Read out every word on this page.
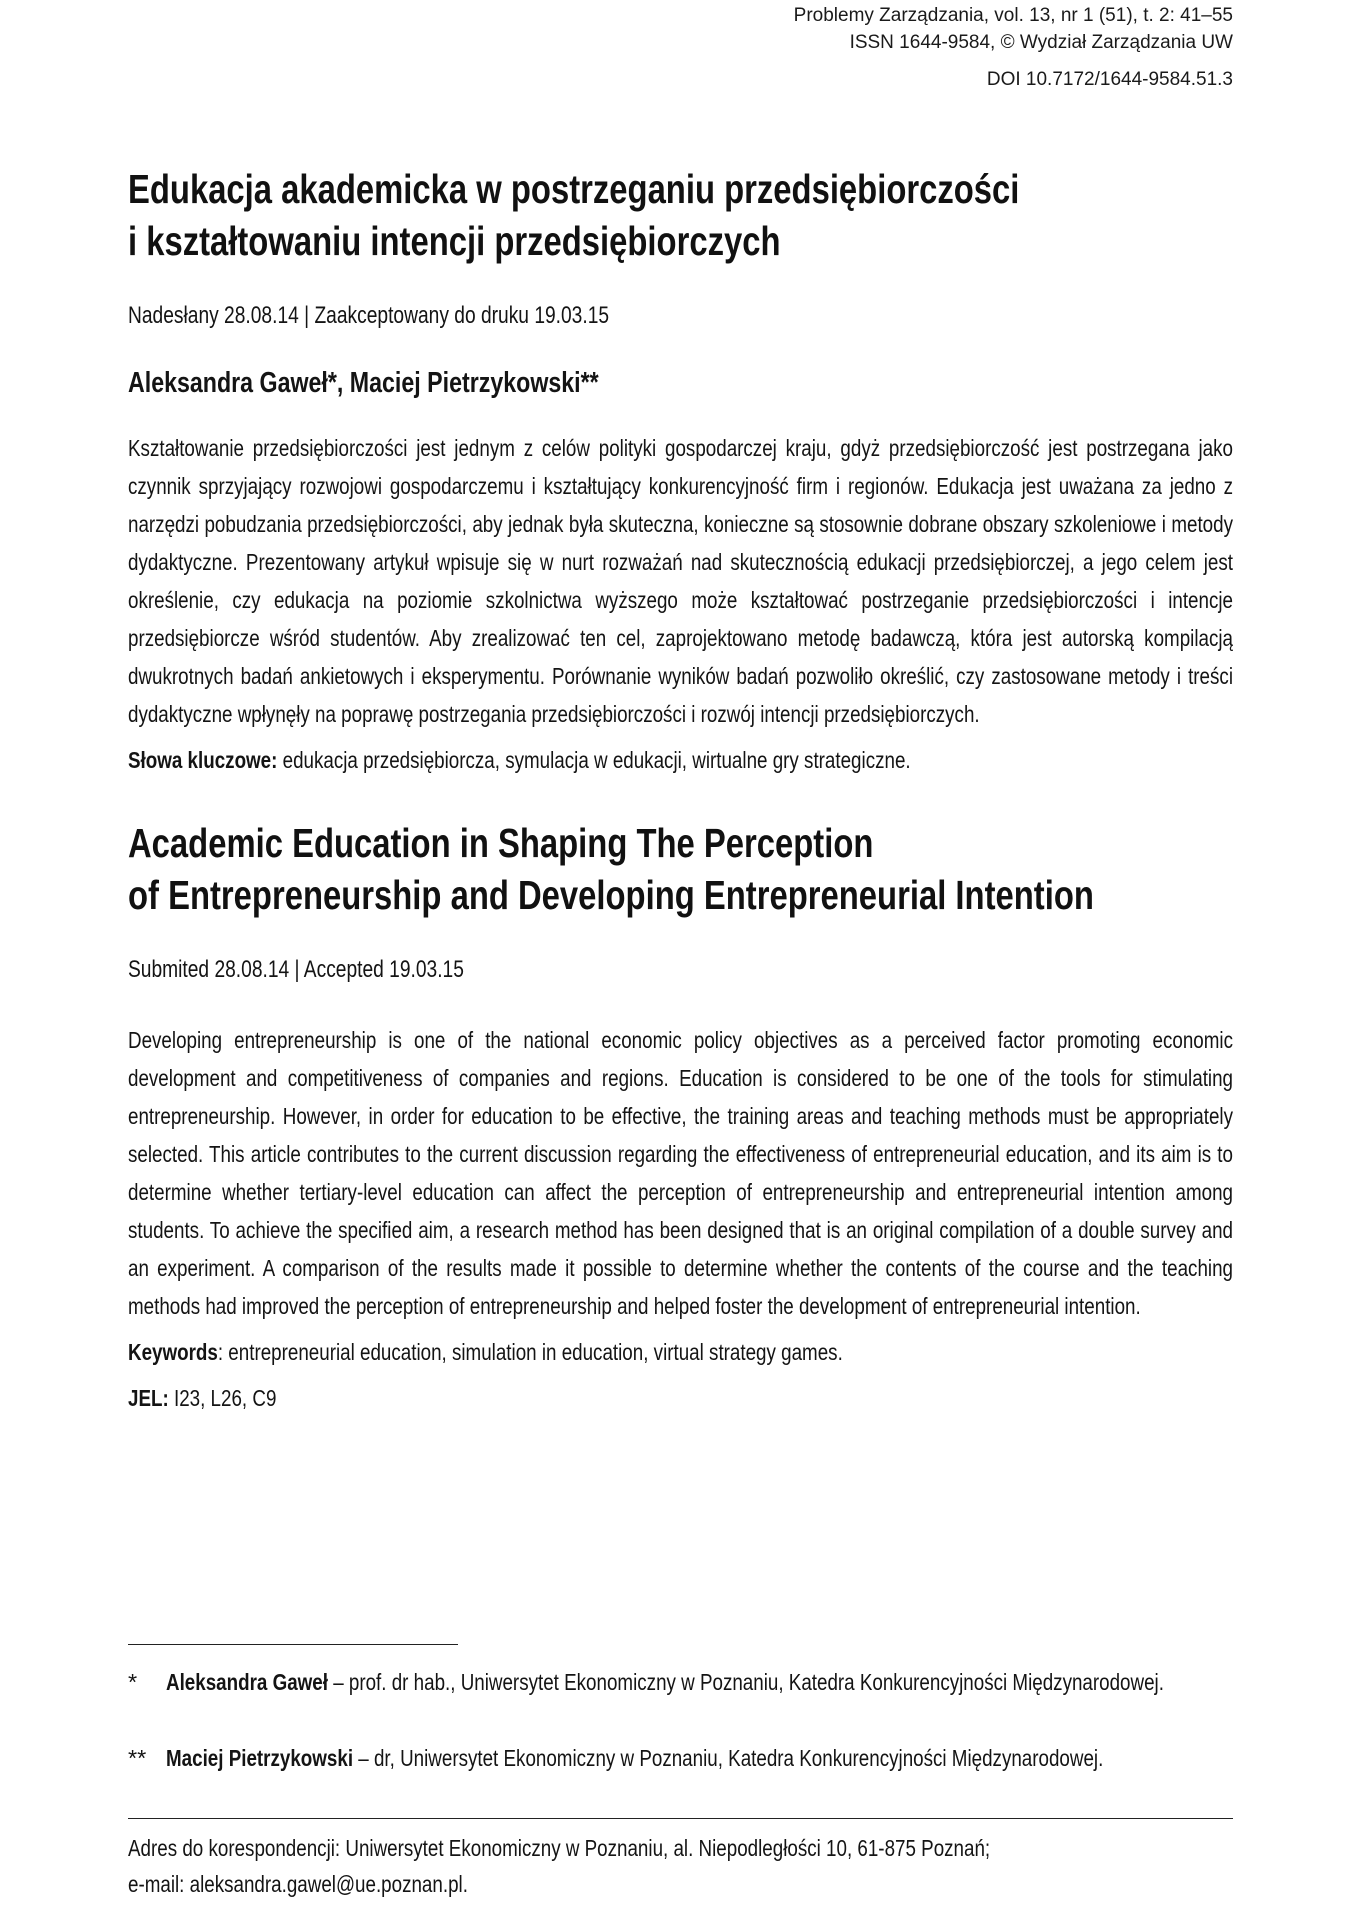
Problemy Zarządzania, vol. 13, nr 1 (51), t. 2: 41–55
ISSN 1644-9584, © Wydział Zarządzania UW
DOI 10.7172/1644-9584.51.3
Edukacja akademicka w postrzeganiu przedsiębiorczości
i kształtowaniu intencji przedsiębiorczych

Nadesłany 28.08.14 | Zaakceptowany do druku 19.03.15

Aleksandra Gaweł*, Maciej Pietrzykowski**

Kształtowanie przedsiębiorczości jest jednym z celów polityki gospodarczej kraju, gdyż przedsiębiorczość jest postrzegana jako czynnik sprzyjający rozwojowi gospodarczemu i kształtujący konkurencyjność firm i regionów. Edukacja jest uważana za jedno z narzędzi pobudzania przedsiębiorczości, aby jednak była skuteczna, konieczne są stosownie dobrane obszary szkoleniowe i metody dydaktyczne. Prezentowany artykuł wpisuje się w nurt rozważań nad skutecznością edukacji przedsiębiorczej, a jego celem jest określenie, czy edukacja na poziomie szkolnictwa wyższego może kształtować postrzeganie przedsiębiorczości i intencje przedsiębiorcze wśród studentów. Aby zrealizować ten cel, zaprojektowano metodę badawczą, która jest autorską kompilacją dwukrotnych badań ankietowych i eksperymentu. Porównanie wyników badań pozwoliło określić, czy zastosowane metody i treści dydaktyczne wpłynęły na poprawę postrzegania przedsiębiorczości i rozwój intencji przedsiębiorczych.

Słowa kluczowe: edukacja przedsiębiorcza, symulacja w edukacji, wirtualne gry strategiczne.

Academic Education in Shaping The Perception
of Entrepreneurship and Developing Entrepreneurial Intention

Submited 28.08.14 | Accepted 19.03.15

Developing entrepreneurship is one of the national economic policy objectives as a perceived factor promoting economic development and competitiveness of companies and regions. Education is considered to be one of the tools for stimulating entrepreneurship. However, in order for education to be effective, the training areas and teaching methods must be appropriately selected. This article contributes to the current discussion regarding the effectiveness of entrepreneurial education, and its aim is to determine whether tertiary-level education can affect the perception of entrepreneurship and entrepreneurial intention among students. To achieve the specified aim, a research method has been designed that is an original compilation of a double survey and an experiment. A comparison of the results made it possible to determine whether the contents of the course and the teaching methods had improved the perception of entrepreneurship and helped foster the development of entrepreneurial intention.

Keywords: entrepreneurial education, simulation in education, virtual strategy games.

JEL: I23, L26, C9

* Aleksandra Gaweł – prof. dr hab., Uniwersytet Ekonomiczny w Poznaniu, Katedra Konkurencyjności Międzynarodowej.
** Maciej Pietrzykowski – dr, Uniwersytet Ekonomiczny w Poznaniu, Katedra Konkurencyjności Międzynarodowej.
Adres do korespondencji: Uniwersytet Ekonomiczny w Poznaniu, al. Niepodległości 10, 61-875 Poznań;
e-mail: aleksandra.gawel@ue.poznan.pl.
